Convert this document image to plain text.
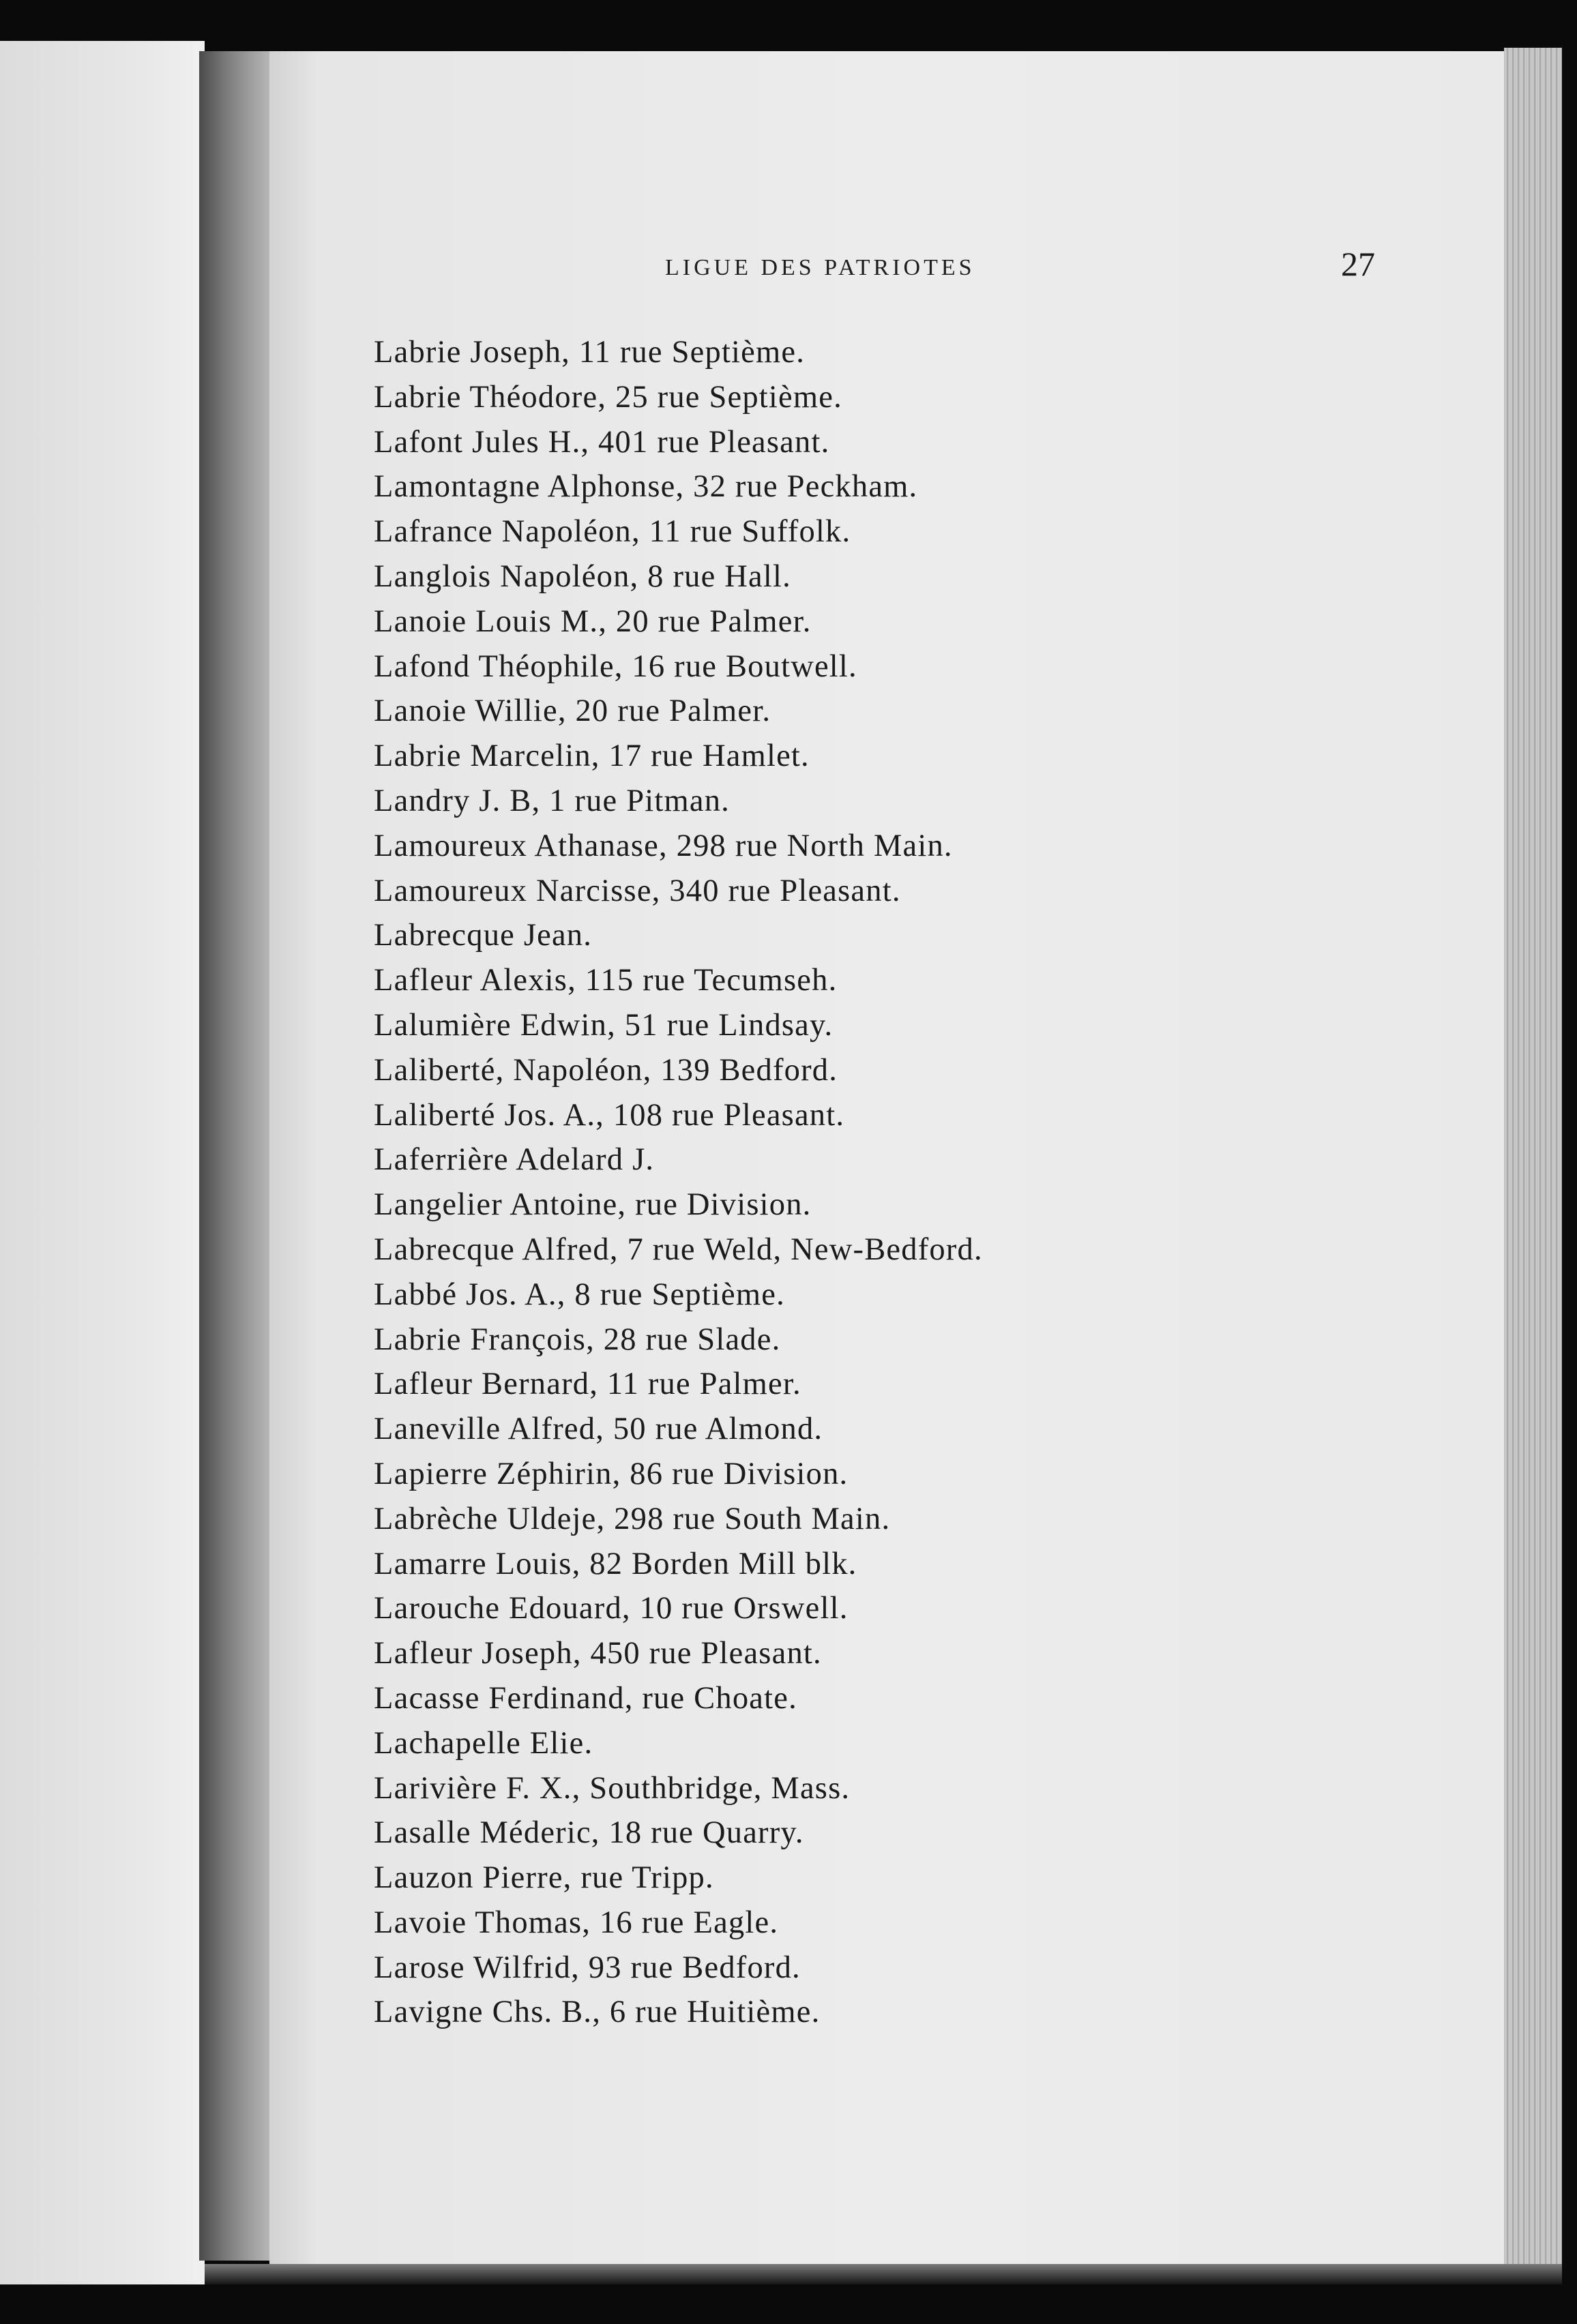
LIGUE DES PATRIOTES	27
Labrie Joseph, 11 rue Septième.
Labrie Théodore, 25 rue Septième.
Lafont Jules H., 401 rue Pleasant.
Lamontagne Alphonse, 32 rue Peckham.
Lafrance Napoléon, 11 rue Suffolk.
Langlois Napoléon, 8 rue Hall.
Lanoie Louis M., 20 rue Palmer.
Lafond Théophile, 16 rue Boutwell.
Lanoie Willie, 20 rue Palmer.
Labrie Marcelin, 17 rue Hamlet.
Landry J. B, 1 rue Pitman.
Lamoureux Athanase, 298 rue North Main.
Lamoureux Narcisse, 340 rue Pleasant.
Labrecque Jean.
Lafleur Alexis, 115 rue Tecumseh.
Lalumière Edwin, 51 rue Lindsay.
Laliberté, Napoléon, 139 Bedford.
Laliberté Jos. A., 108 rue Pleasant.
Laferrière Adelard J.
Langelier Antoine, rue Division.
Labrecque Alfred, 7 rue Weld, New-Bedford.
Labbé Jos. A., 8 rue Septième.
Labrie François, 28 rue Slade.
Lafleur Bernard, 11 rue Palmer.
Laneville Alfred, 50 rue Almond.
Lapierre Zéphirin, 86 rue Division.
Labrèche Uldeje, 298 rue South Main.
Lamarre Louis, 82 Borden Mill blk.
Larouche Edouard, 10 rue Orswell.
Lafleur Joseph, 450 rue Pleasant.
Lacasse Ferdinand, rue Choate.
Lachapelle Elie.
Larivière F. X., Southbridge, Mass.
Lasalle Méderic, 18 rue Quarry.
Lauzon Pierre, rue Tripp.
Lavoie Thomas, 16 rue Eagle.
Larose Wilfrid, 93 rue Bedford.
Lavigne Chs. B., 6 rue Huitième.
